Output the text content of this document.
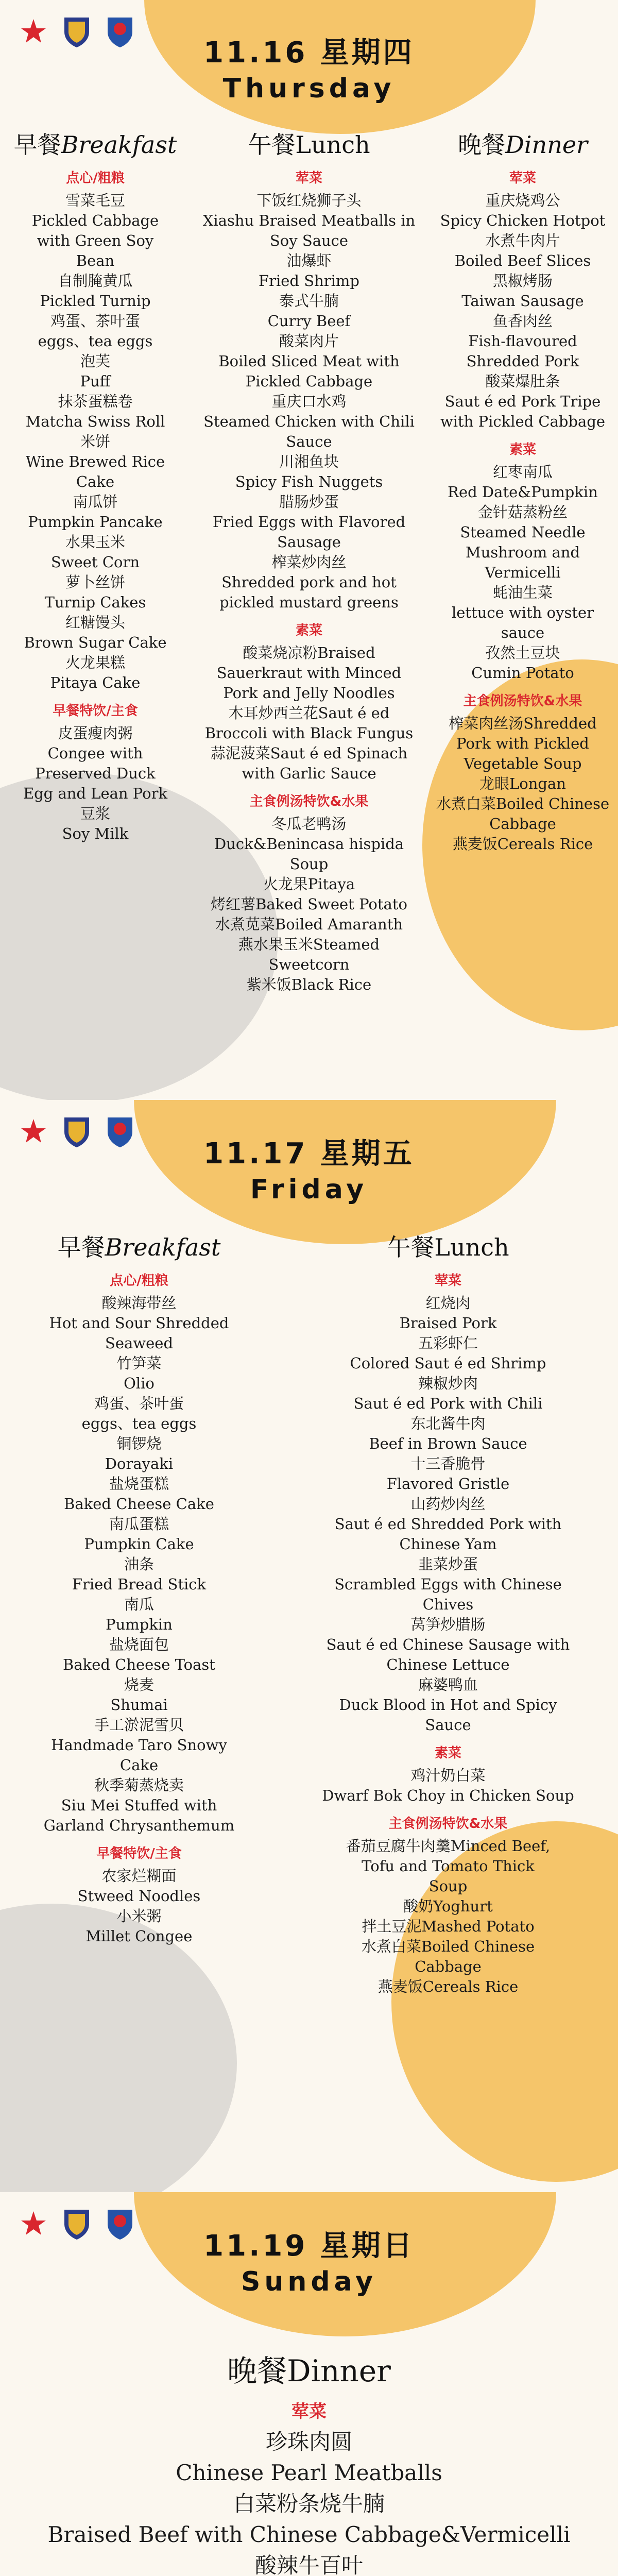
11.16 星期四
Thursday
早餐Breakfast
点心/粗粮
雪菜毛豆
Pickled Cabbage
with Green Soy
Bean
自制腌黄瓜
Pickled Turnip
鸡蛋、茶叶蛋
eggs、tea eggs
泡芙
Puff
抹茶蛋糕卷
Matcha Swiss Roll
米饼
Wine Brewed Rice
Cake
南瓜饼
Pumpkin Pancake
水果玉米
Sweet Corn
萝卜丝饼
Turnip Cakes
红糖馒头
Brown Sugar Cake
火龙果糕
Pitaya Cake
早餐特饮/主食
皮蛋瘦肉粥
Congee with
Preserved Duck
Egg and Lean Pork
豆浆
Soy Milk
午餐Lunch
荤菜
下饭红烧狮子头
Xiashu Braised Meatballs in
Soy Sauce
油爆虾
Fried Shrimp
泰式牛腩
Curry Beef
酸菜肉片
Boiled Sliced Meat with
Pickled Cabbage
重庆口水鸡
Steamed Chicken with Chili
Sauce
川湘鱼块
Spicy Fish Nuggets
腊肠炒蛋
Fried Eggs with Flavored
Sausage
榨菜炒肉丝
Shredded pork and hot
pickled mustard greens
素菜
酸菜烧凉粉Braised
Sauerkraut with Minced
Pork and Jelly Noodles
木耳炒西兰花Saut é ed
Broccoli with Black Fungus
蒜泥菠菜Saut é ed Spinach
with Garlic Sauce
主食例汤特饮&水果
冬瓜老鸭汤
Duck&Benincasa hispida
Soup
火龙果Pitaya
烤红薯Baked Sweet Potato
水煮苋菜Boiled Amaranth
燕水果玉米Steamed
Sweetcorn
紫米饭Black Rice
晚餐Dinner
荤菜
重庆烧鸡公
Spicy Chicken Hotpot
水煮牛肉片
Boiled Beef Slices
黑椒烤肠
Taiwan Sausage
鱼香肉丝
Fish-flavoured
Shredded Pork
酸菜爆肚条
Saut é ed Pork Tripe
with Pickled Cabbage
素菜
红枣南瓜
Red Date&Pumpkin
金针菇蒸粉丝
Steamed Needle
Mushroom and
Vermicelli
蚝油生菜
lettuce with oyster sauce
孜然土豆块
Cumin Potato
主食例汤特饮&水果
榨菜肉丝汤Shredded
Pork with Pickled
Vegetable Soup
龙眼Longan
水煮白菜Boiled Chinese
Cabbage
燕麦饭Cereals Rice
11.17 星期五
Friday
早餐Breakfast
点心/粗粮
酸辣海带丝
Hot and Sour Shredded
Seaweed
竹笋菜
Olio
鸡蛋、茶叶蛋
eggs、tea eggs
铜锣烧
Dorayaki
盐烧蛋糕
Baked Cheese Cake
南瓜蛋糕
Pumpkin Cake
油条
Fried Bread Stick
南瓜
Pumpkin
盐烧面包
Baked Cheese Toast
烧麦
Shumai
手工淤泥雪贝
Handmade Taro Snowy
Cake
秋季菊蒸烧卖
Siu Mei Stuffed with
Garland Chrysanthemum
早餐特饮/主食
农家烂糊面
Stweed Noodles
小米粥
Millet Congee
午餐Lunch
荤菜
红烧肉
Braised Pork
五彩虾仁
Colored Saut é ed Shrimp
辣椒炒肉
Saut é ed Pork with Chili
东北酱牛肉
Beef in Brown Sauce
十三香脆骨
Flavored Gristle
山药炒肉丝
Saut é ed Shredded Pork with
Chinese Yam
韭菜炒蛋
Scrambled Eggs with Chinese
Chives
莴笋炒腊肠
Saut é ed Chinese Sausage with
Chinese Lettuce
麻婆鸭血
Duck Blood in Hot and Spicy
Sauce
素菜
鸡汁奶白菜
Dwarf Bok Choy in Chicken Soup
主食例汤特饮&水果
番茄豆腐牛肉羹Minced Beef,
Tofu and Tomato Thick
Soup
酸奶Yoghurt
拌土豆泥Mashed Potato
水煮白菜Boiled Chinese
Cabbage
燕麦饭Cereals Rice
11.19 星期日
Sunday
晚餐Dinner
荤菜
珍珠肉圆
Chinese Pearl Meatballs
白菜粉条烧牛腩
Braised Beef with Chinese Cabbage&Vermicelli
酸辣牛百叶
